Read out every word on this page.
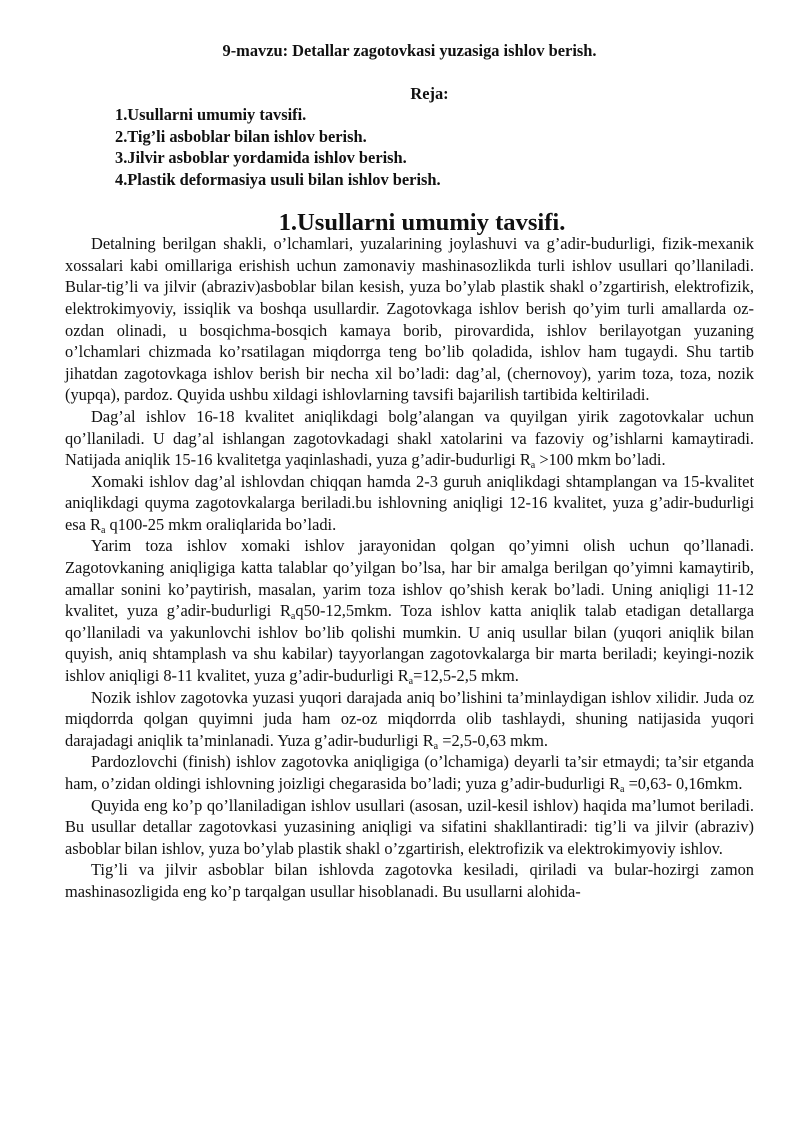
9-mavzu: Detallar zagotovkasi yuzasiga ishlov berish.

Reja:

1.Usullarni umumiy tavsifi.
2.Tig’li asboblar bilan ishlov berish.
3.Jilvir asboblar yordamida ishlov berish.
4.Plastik deformasiya usuli bilan ishlov berish.
1.Usullarni umumiy tavsifi.

Detalning berilgan shakli, o’lchamlari, yuzalarining joylashuvi va g’adir-budurligi, fizik-mexanik xossalari kabi omillariga erishish uchun zamonaviy mashinasozlikda turli ishlov usullari qo’llaniladi. Bular-tig’li va jilvir (abraziv)asboblar bilan kesish, yuza bo’ylab plastik shakl o’zgartirish, elektrofizik, elektrokimyoviy, issiqlik va boshqa usullardir. Zagotovkaga ishlov berish qo’yim turli amallarda oz-ozdan olinadi, u bosqichma-bosqich kamaya borib, pirovardida, ishlov berilayotgan yuzaning o’lchamlari chizmada ko’rsatilagan miqdorrga teng bo’lib qoladida, ishlov ham tugaydi. Shu tartib jihatdan zagotovkaga ishlov berish bir necha xil bo’ladi: dag’al, (chernovoy), yarim toza, toza, nozik (yupqa), pardoz. Quyida ushbu xildagi ishlovlarning tavsifi bajarilish tartibida keltiriladi.

Dag’al ishlov 16-18 kvalitet aniqlikdagi bolg’alangan va quyilgan yirik zagotovkalar uchun qo’llaniladi. U dag’al ishlangan zagotovkadagi shakl xatolarini va fazoviy og’ishlarni kamaytiradi. Natijada aniqlik 15-16 kvalitetga yaqinlashadi, yuza g’adir-budurligi Ra >100 mkm bo’ladi.

Xomaki ishlov dag’al ishlovdan chiqqan hamda 2-3 guruh aniqlikdagi shtamplangan va 15-kvalitet aniqlikdagi quyma zagotovkalarga beriladi.bu ishlovning aniqligi 12-16 kvalitet, yuza g’adir-budurligi esa Ra q100-25 mkm oraliqlarida bo’ladi.

Yarim toza ishlov xomaki ishlov jarayonidan qolgan qo’yimni olish uchun qo’llanadi. Zagotovkaning aniqligiga katta talablar qo’yilgan bo’lsa, har bir amalga berilgan qo’yimni kamaytirib, amallar sonini ko’paytirish, masalan, yarim toza ishlov qo’shish kerak bo’ladi. Uning aniqligi 11-12 kvalitet, yuza g’adir-budurligi Raq50-12,5mkm. Toza ishlov katta aniqlik talab etadigan detallarga qo’llaniladi va yakunlovchi ishlov bo’lib qolishi mumkin. U aniq usullar bilan (yuqori aniqlik bilan quyish, aniq shtamplash va shu kabilar) tayyorlangan zagotovkalarga bir marta beriladi; keyingi-nozik ishlov aniqligi 8-11 kvalitet, yuza g’adir-budurligi Ra=12,5-2,5 mkm.

Nozik ishlov zagotovka yuzasi yuqori darajada aniq bo’lishini ta’minlaydigan ishlov xilidir. Juda oz miqdorrda qolgan quyimni juda ham oz-oz miqdorrda olib tashlaydi, shuning natijasida yuqori darajadagi aniqlik ta’minlanadi. Yuza g’adir-budurligi Ra =2,5-0,63 mkm.

Pardozlovchi (finish) ishlov zagotovka aniqligiga (o’lchamiga) deyarli ta’sir etmaydi; ta’sir etganda ham, o’zidan oldingi ishlovning joizligi chegarasida bo’ladi; yuza g’adir-budurligi Ra =0,63- 0,16mkm.

Quyida eng ko’p qo’llaniladigan ishlov usullari (asosan, uzil-kesil ishlov) haqida ma’lumot beriladi. Bu usullar detallar zagotovkasi yuzasining aniqligi va sifatini shakllantiradi: tig’li va jilvir (abraziv) asboblar bilan ishlov, yuza bo’ylab plastik shakl o’zgartirish, elektrofizik va elektrokimyoviy ishlov.

Tig’li va jilvir asboblar bilan ishlovda zagotovka kesiladi, qiriladi va bular-hozirgi zamon mashinasozligida eng ko’p tarqalgan usullar hisoblanadi. Bu usullarni alohida-
